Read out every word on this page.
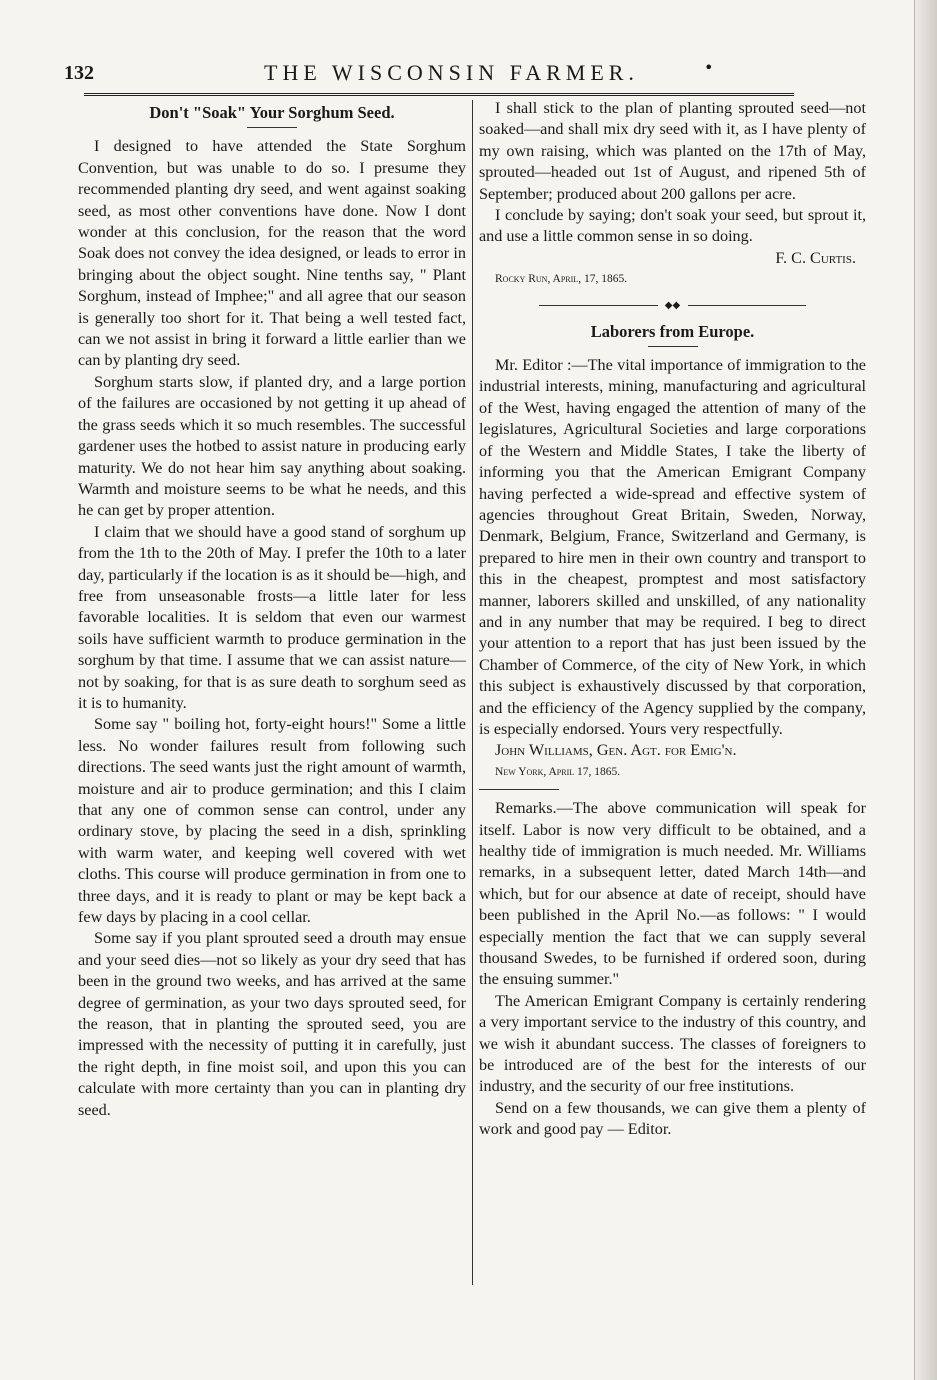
132	THE WISCONSIN FARMER.	•
Don't "Soak" Your Sorghum Seed.

I designed to have attended the State Sorghum Convention, but was unable to do so. I presume they recommended planting dry seed, and went against soaking seed, as most other conventions have done. Now I dont wonder at this conclusion, for the reason that the word Soak does not convey the idea designed, or leads to error in bringing about the object sought. Nine tenths say, " Plant Sorghum, instead of Imphee;" and all agree that our season is generally too short for it. That being a well tested fact, can we not assist in bring it forward a little earlier than we can by planting dry seed.

Sorghum starts slow, if planted dry, and a large portion of the failures are occasioned by not getting it up ahead of the grass seeds which it so much resembles. The successful gardener uses the hotbed to assist nature in producing early maturity. We do not hear him say anything about soaking. Warmth and moisture seems to be what he needs, and this he can get by proper attention.

I claim that we should have a good stand of sorghum up from the 1th to the 20th of May. I prefer the 10th to a later day, particularly if the location is as it should be—high, and free from unseasonable frosts—a little later for less favorable localities. It is seldom that even our warmest soils have sufficient warmth to produce germination in the sorghum by that time. I assume that we can assist nature—not by soaking, for that is as sure death to sorghum seed as it is to humanity.

Some say " boiling hot, forty-eight hours!" Some a little less. No wonder failures result from following such directions. The seed wants just the right amount of warmth, moisture and air to produce germination; and this I claim that any one of common sense can control, under any ordinary stove, by placing the seed in a dish, sprinkling with warm water, and keeping well covered with wet cloths. This course will produce germination in from one to three days, and it is ready to plant or may be kept back a few days by placing in a cool cellar.

Some say if you plant sprouted seed a drouth may ensue and your seed dies—not so likely as your dry seed that has been in the ground two weeks, and has arrived at the same degree of germination, as your two days sprouted seed, for the reason, that in planting the sprouted seed, you are impressed with the necessity of putting it in carefully, just the right depth, in fine moist soil, and upon this you can calculate with more certainty than you can in planting dry seed.

I shall stick to the plan of planting sprouted seed—not soaked—and shall mix dry seed with it, as I have plenty of my own raising, which was planted on the 17th of May, sprouted—headed out 1st of August, and ripened 5th of September; produced about 200 gallons per acre.

I conclude by saying; don't soak your seed, but sprout it, and use a little common sense in so doing.

F. C. Curtis.

Rocky Run, April, 17, 1865.

◆◆
Laborers from Europe.

Mr. Editor :—The vital importance of immigration to the industrial interests, mining, manufacturing and agricultural of the West, having engaged the attention of many of the legislatures, Agricultural Societies and large corporations of the Western and Middle States, I take the liberty of informing you that the American Emigrant Company having perfected a wide-spread and effective system of agencies throughout Great Britain, Sweden, Norway, Denmark, Belgium, France, Switzerland and Germany, is prepared to hire men in their own country and transport to this in the cheapest, promptest and most satisfactory manner, laborers skilled and unskilled, of any nationality and in any number that may be required. I beg to direct your attention to a report that has just been issued by the Chamber of Commerce, of the city of New York, in which this subject is exhaustively discussed by that corporation, and the efficiency of the Agency supplied by the company, is especially endorsed. Yours very respectfully.

John Williams, Gen. Agt. for Emig'n.

New York, April 17, 1865.

Remarks.—The above communication will speak for itself. Labor is now very difficult to be obtained, and a healthy tide of immigration is much needed. Mr. Williams remarks, in a subsequent letter, dated March 14th—and which, but for our absence at date of receipt, should have been published in the April No.—as follows: " I would especially mention the fact that we can supply several thousand Swedes, to be furnished if ordered soon, during the ensuing summer."

The American Emigrant Company is certainly rendering a very important service to the industry of this country, and we wish it abundant success. The classes of foreigners to be introduced are of the best for the interests of our industry, and the security of our free institutions.

Send on a few thousands, we can give them a plenty of work and good pay — Editor.
